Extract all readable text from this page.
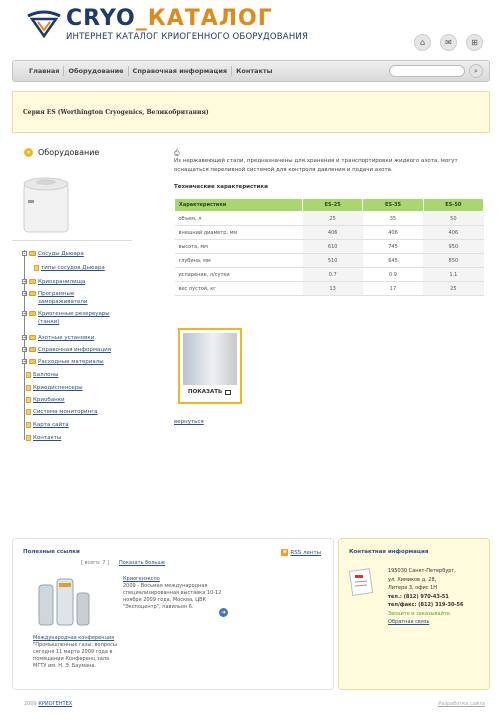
CRYO_КАТАЛОГ
ИНТЕРНЕТ КАТАЛОГ КРИОГЕННОГО ОБОРУДОВАНИЯ
⌂	✉	⊞
Главная	Оборудование	Справочная информация	Контакты	⌕
Серия ES (Worthington Cryogenics, Великобритания)
▾	Оборудование
- Сосуды Дьюара
типы сосудов Дьюара
+ Криохранилища
+ Програмные замораживатели
+ Криогенные резервуары (танки)
+ Азотные установки
+ Справочная информация
+ Расходные материалы
Баллоны
Криодиспенсеры
Криобанки
Система мониторинга
Карта сайта
Контакты
⎙
Из нержавеющей стали, предназначены для хранения и транспортировки жидкого азота, могут оснащаться переливной системой для контроля давления и подачи азота.
Технические характеристики
Характеристики	ES-25	ES-35	ES-50
объем, л	25	35	50
внешний диаметр, мм	406	406	406
высота, мм	610	745	950
глубина, мм	510	645	850
испарение, л/сутки	0.7	0.9	1.1
вес пустой, кг	13	17	25
ПОКАЗАТЬ
вернуться
Полезные ссылки	◉ RSS ленты
[ всего: 7 ] Показать больше
Криогенэкспо
2009 - Восьмая международная специализированная выставка 10-12 ноября 2009 года, Москва, ЦВК "Экспоцентр", павильон 6.
➜
Международная конференция
"Промышленные газы: вопросы сегодня 11 марта 2009 года в помещении Конференц зала МГТУ им. Н. Э. Баумана.
Контактная информация
195030 Санкт-Петербург,
ул. Химиков д. 28,
Литера 3, офис 1Н
тел.: (812) 970-43-51
тел/факс: (812) 319-30-56
Звоните и заказывайте.
Обратная связь
2009 КРИОГЕНТЕХ	Разработка сайта
